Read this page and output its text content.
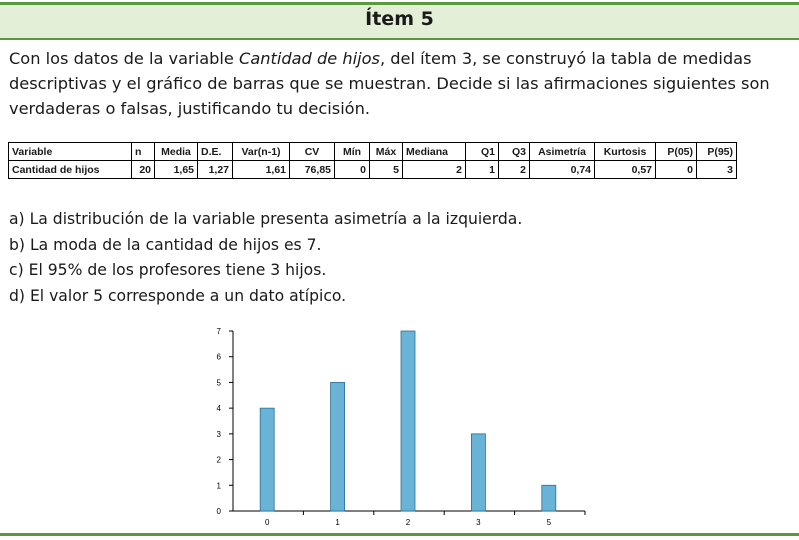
Ítem 5
Con los datos de la variable Cantidad de hijos, del ítem 3, se construyó la tabla de medidas descriptivas y el gráfico de barras que se muestran. Decide si las afirmaciones siguientes son verdaderas o falsas, justificando tu decisión.
Variable	n	Media	D.E.	Var(n-1)	CV	Mín	Máx	Mediana	Q1	Q3	Asimetría	Kurtosis	P(05)	P(95)
Cantidad de hijos	20	1,65	1,27	1,61	76,85	0	5	2	1	2	0,74	0,57	0	3
a) La distribución de la variable presenta asimetría a la izquierda.
b) La moda de la cantidad de hijos es 7.
c) El 95% de los profesores tiene 3 hijos.
d) El valor 5 corresponde a un dato atípico.
0
1
2
3
4
5
6
7
0	1	2	3	5
